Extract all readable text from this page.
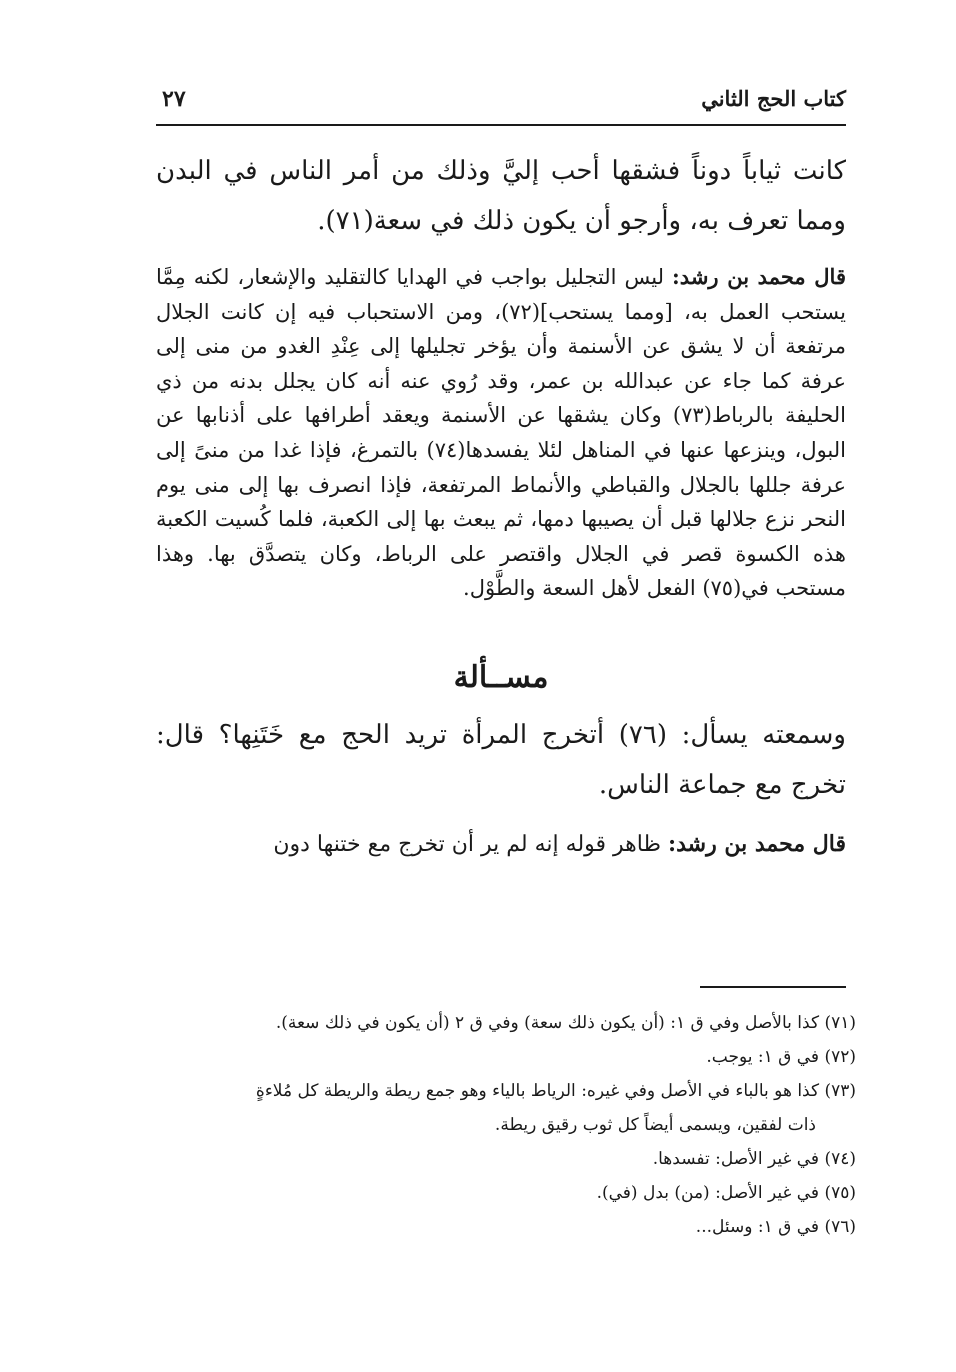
كتاب الحج الثاني
٢٧

كانت ثياباً دوناً فشقها أحب إليَّ وذلك من أمر الناس في البدن ومما تعرف به، وأرجو أن يكون ذلك في سعة(٧١).

قال محمد بن رشد: ليس التجليل بواجب في الهدايا كالتقليد والإشعار، لكنه مِمَّا يستحب العمل به، [ومما يستحب](٧٢)، ومن الاستحباب فيه إن كانت الجلال مرتفعة أن لا يشق عن الأسنمة وأن يؤخر تجليلها إلى عِنْدِ الغدو من منى إلى عرفة كما جاء عن عبدالله بن عمر، وقد رُوي عنه أنه كان يجلل بدنه من ذي الحليفة بالرباط(٧٣) وكان يشقها عن الأسنمة ويعقد أطرافها على أذنابها عن البول، وينزعها عنها في المناهل لئلا يفسدها(٧٤) بالتمرغ، فإذا غدا من منىً إلى عرفة جللها بالجلال والقباطي والأنماط المرتفعة، فإذا انصرف بها إلى منى يوم النحر نزع جلالها قبل أن يصيبها دمها، ثم يبعث بها إلى الكعبة، فلما كُسيت الكعبة هذه الكسوة قصر في الجلال واقتصر على الرباط، وكان يتصدَّق بها. وهذا مستحب في(٧٥) الفعل لأهل السعة والطَّوْل.

مســألة

وسمعته يسأل: (٧٦) أتخرج المرأة تريد الحج مع خَتَنِها؟ قال: تخرج مع جماعة الناس.

قال محمد بن رشد: ظاهر قوله إنه لم ير أن تخرج مع ختنها دون

(٧١) كذا بالأصل وفي ق ١: (أن يكون ذلك سعة) وفي ق ٢ (أن يكون في ذلك سعة).

(٧٢) في ق ١: يوجب.

(٧٣) كذا هو بالباء في الأصل وفي غيره: الرياط بالياء وهو جمع ريطة والريطة كل مُلاءةٍ

ذات لفقين، ويسمى أيضاً كل ثوب رقيق ريطة.

(٧٤) في غير الأصل: تفسدها.

(٧٥) في غير الأصل: (من) بدل (في).

(٧٦) في ق ١: وسئل...
